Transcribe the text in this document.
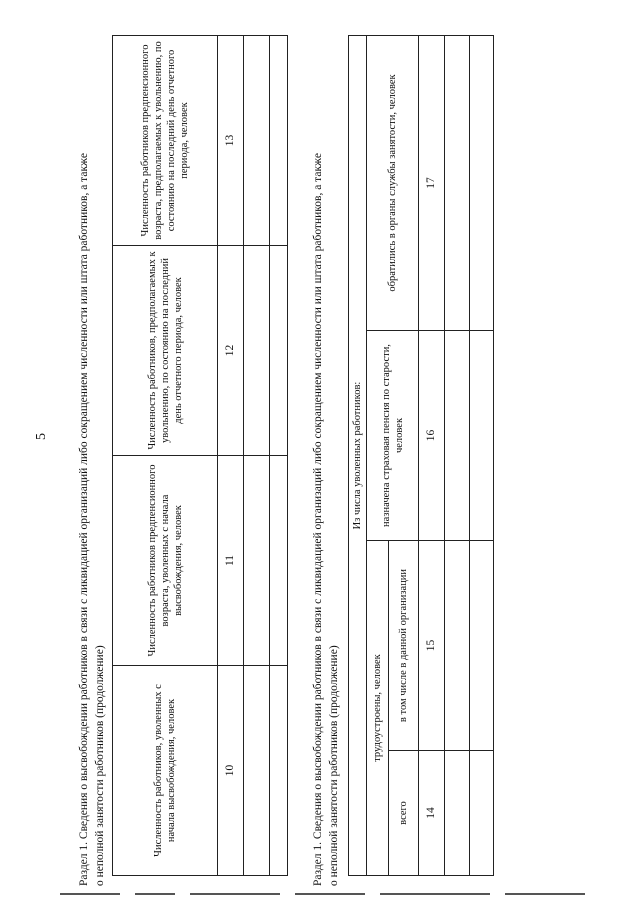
5	Раздел 1. Сведения о высвобождении работников в связи с ликвидацией организаций либо сокращением численности или штата работников, а также о неполной занятости работников (продолжение)	Численность работников, уволенных с начала высвобождения, человек	Численность работников предпенсионного возраста, уволенных с начала высвобождения, человек	Численность работников, предполагаемых к увольнению, по состоянию на последний день отчетного периода, человек	Численность работников предпенсионного возраста, предполагаемых к увольнению, по состоянию на последний день отчетного периода, человек
10	11	12	13

Раздел 1. Сведения о высвобождении работников в связи с ликвидацией организаций либо сокращением численности или штата работников, а также о неполной занятости работников (продолжение)
Из числа уволенных работников:			
трудоустроены, человек		назначена страховая пенсия по старости, человек	обратились в органы службы занятости, человек
всего	в том числе в данной организации		
14	15	16	17
